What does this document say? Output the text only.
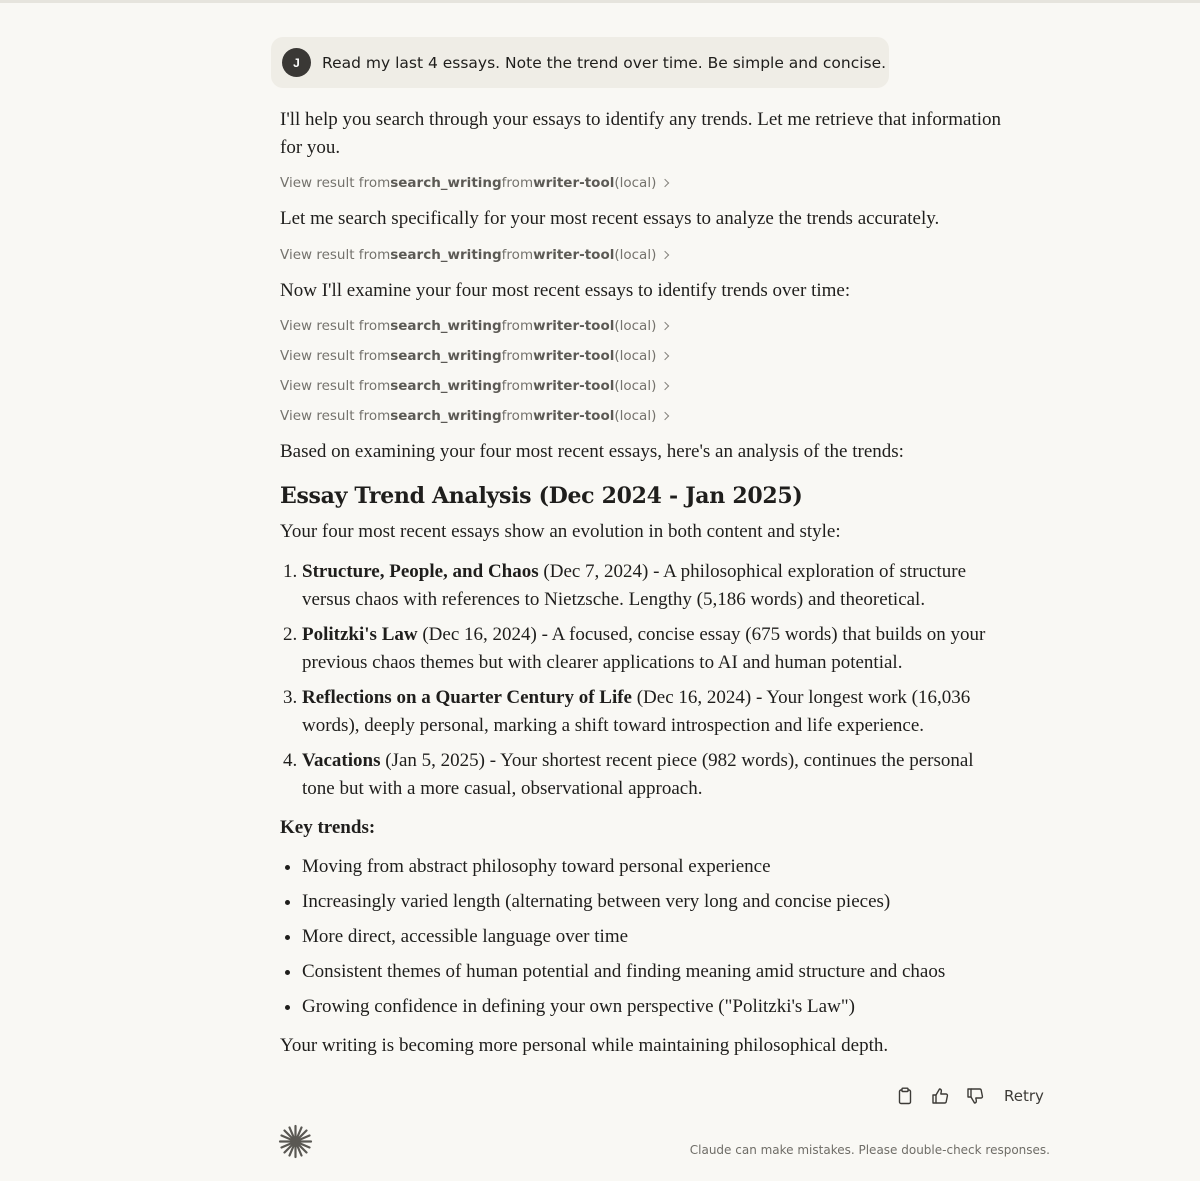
J	Read my last 4 essays. Note the trend over time. Be simple and concise.

I'll help you search through your essays to identify any trends. Let me retrieve that information for you.

View result from search_writing from writer-tool (local)

Let me search specifically for your most recent essays to analyze the trends accurately.

View result from search_writing from writer-tool (local)

Now I'll examine your four most recent essays to identify trends over time:

View result from search_writing from writer-tool (local)
View result from search_writing from writer-tool (local)
View result from search_writing from writer-tool (local)
View result from search_writing from writer-tool (local)

Based on examining your four most recent essays, here's an analysis of the trends:

Essay Trend Analysis (Dec 2024 - Jan 2025)

Your four most recent essays show an evolution in both content and style:

1. Structure, People, and Chaos (Dec 7, 2024) - A philosophical exploration of structure versus chaos with references to Nietzsche. Lengthy (5,186 words) and theoretical.
2. Politzki's Law (Dec 16, 2024) - A focused, concise essay (675 words) that builds on your previous chaos themes but with clearer applications to AI and human potential.
3. Reflections on a Quarter Century of Life (Dec 16, 2024) - Your longest work (16,036 words), deeply personal, marking a shift toward introspection and life experience.
4. Vacations (Jan 5, 2025) - Your shortest recent piece (982 words), continues the personal tone but with a more casual, observational approach.

Key trends:

• Moving from abstract philosophy toward personal experience
• Increasingly varied length (alternating between very long and concise pieces)
• More direct, accessible language over time
• Consistent themes of human potential and finding meaning amid structure and chaos
• Growing confidence in defining your own perspective ("Politzki's Law")

Your writing is becoming more personal while maintaining philosophical depth.

Retry
Claude can make mistakes. Please double-check responses.
